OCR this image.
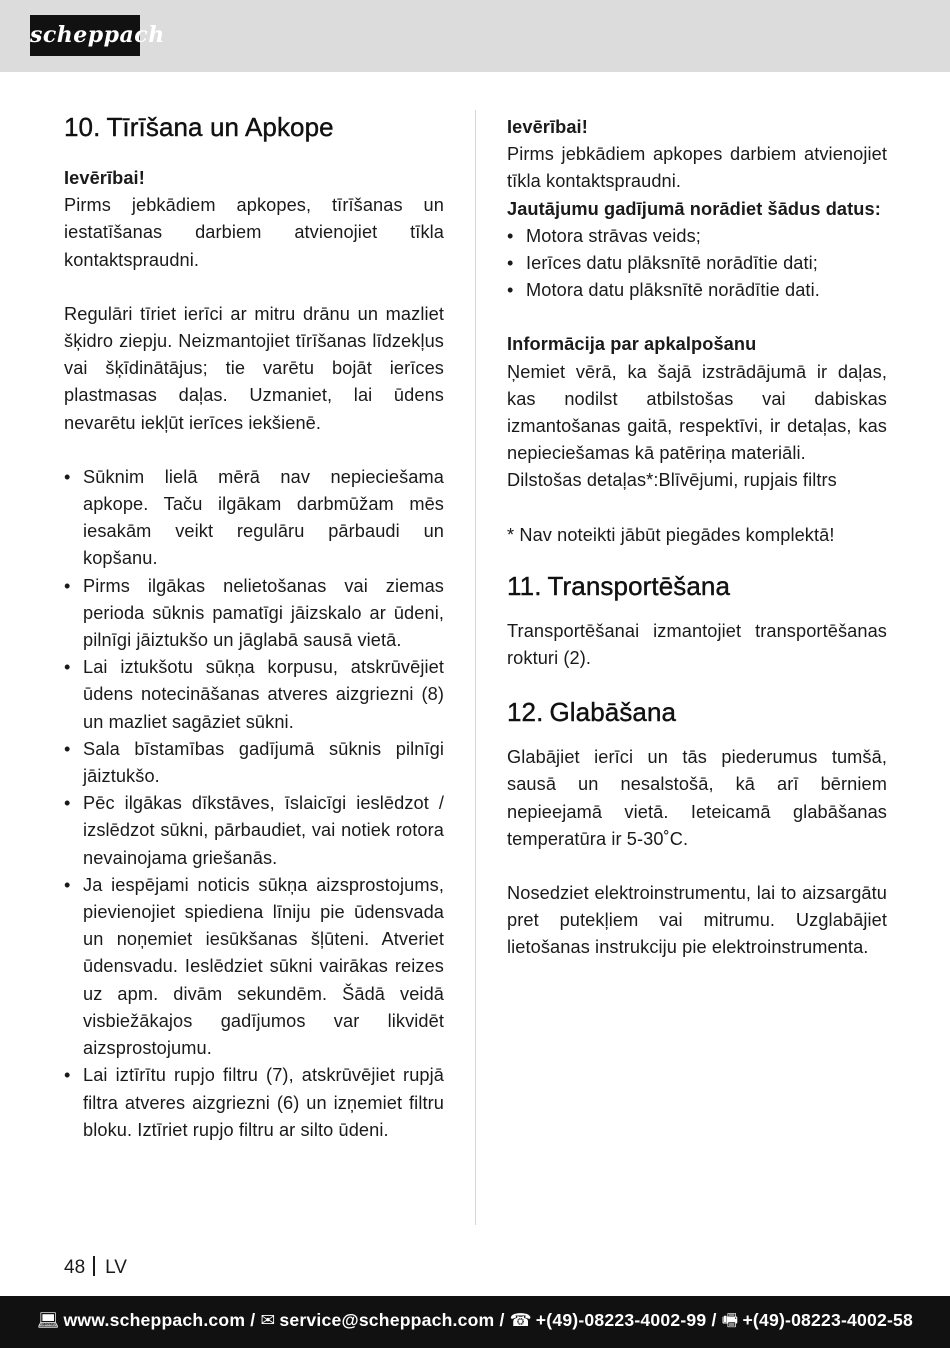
scheppach
10. Tīrīšana un Apkope

Ievērībai!

Pirms jebkādiem apkopes, tīrīšanas un iestatīšanas darbiem atvienojiet tīkla kontaktspraudni.

Regulāri tīriet ierīci ar mitru drānu un mazliet šķidro ziepju. Neizmantojiet tīrīšanas līdzekļus vai šķīdinātājus; tie varētu bojāt ierīces plastmasas daļas. Uzmaniet, lai ūdens nevarētu iekļūt ierīces iekšienē.

• Sūknim lielā mērā nav nepieciešama apkope. Taču ilgākam darbmūžam mēs iesakām veikt regulāru pārbaudi un kopšanu.
• Pirms ilgākas nelietošanas vai ziemas perioda sūknis pamatīgi jāizskalo ar ūdeni, pilnīgi jāiztukšo un jāglabā sausā vietā.
• Lai iztukšotu sūkņa korpusu, atskrūvējiet ūdens notecināšanas atveres aizgriezni (8) un mazliet sagāziet sūkni.
• Sala bīstamības gadījumā sūknis pilnīgi jāiztukšo.
• Pēc ilgākas dīkstāves, īslaicīgi ieslēdzot / izslēdzot sūkni, pārbaudiet, vai notiek rotora nevainojama griešanās.
• Ja iespējami noticis sūkņa aizsprostojums, pievienojiet spiediena līniju pie ūdensvada un noņemiet iesūkšanas šļūteni. Atveriet ūdensvadu. Ieslēdziet sūkni vairākas reizes uz apm. divām sekundēm. Šādā veidā visbiežākajos gadījumos var likvidēt aizsprostojumu.
• Lai iztīrītu rupjo filtru (7), atskrūvējiet rupjā filtra atveres aizgriezni (6) un izņemiet filtru bloku. Iztīriet rupjo filtru ar silto ūdeni.

Ievērībai!

Pirms jebkādiem apkopes darbiem atvienojiet tīkla kontaktspraudni.

Jautājumu gadījumā norādiet šādus datus:

• Motora strāvas veids;
• Ierīces datu plāksnītē norādītie dati;
• Motora datu plāksnītē norādītie dati.

Informācija par apkalpošanu

Ņemiet vērā, ka šajā izstrādājumā ir daļas, kas nodilst atbilstošas vai dabiskas izmantošanas gaitā, respektīvi, ir detaļas, kas nepieciešamas kā patēriņa materiāli.

Dilstošas detaļas*:Blīvējumi, rupjais filtrs

* Nav noteikti jābūt piegādes komplektā!

11. Transportēšana

Transportēšanai izmantojiet transportēšanas rokturi (2).

12. Glabāšana

Glabājiet ierīci un tās piederumus tumšā, sausā un nesalstošā, kā arī bērniem nepieejamā vietā. Ieteicamā glabāšanas temperatūra ir 5-30˚C.

Nosedziet elektroinstrumentu, lai to aizsargātu pret putekļiem vai mitrumu. Uzglabājiet lietošanas instrukciju pie elektroinstrumenta.

48 LV
💻︎ www.scheppach.com / ✉︎ service@scheppach.com / ☎︎ +(49)-08223-4002-99 / 🖷︎ +(49)-08223-4002-58
